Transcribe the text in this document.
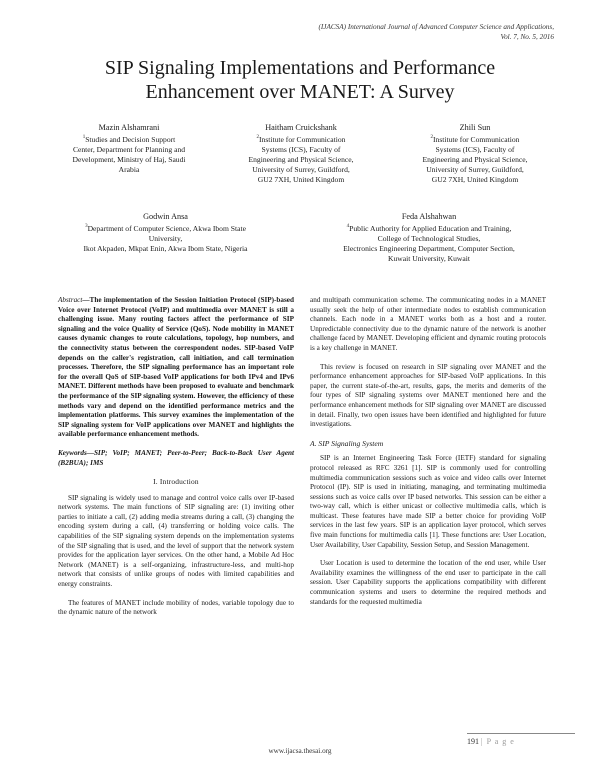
(IJACSA) International Journal of Advanced Computer Science and Applications,
Vol. 7, No. 5, 2016
SIP Signaling Implementations and Performance
Enhancement over MANET: A Survey
Mazin Alshamrani
$^1$Studies and Decision Support
Center, Department for Planning and
Development, Ministry of Haj, Saudi
Arabia
Haitham Cruickshank
$^2$Institute for Communication
Systems (ICS), Faculty of
Engineering and Physical Science,
University of Surrey, Guildford,
GU2 7XH, United Kingdom
Zhili Sun
$^2$Institute for Communication
Systems (ICS), Faculty of
Engineering and Physical Science,
University of Surrey, Guildford,
GU2 7XH, United Kingdom
Godwin Ansa
$^3$Department of Computer Science, Akwa Ibom State
University,
Ikot Akpaden, Mkpat Enin, Akwa Ibom State, Nigeria
Feda Alshahwan
$^4$Public Authority for Applied Education and Training,
College of Technological Studies,
Electronics Engineering Department, Computer Section,
Kuwait University, Kuwait

Abstract—The implementation of the Session Initiation Protocol (SIP)-based Voice over Internet Protocol (VoIP) and multimedia over MANET is still a challenging issue. Many routing factors affect the performance of SIP signaling and the voice Quality of Service (QoS). Node mobility in MANET causes dynamic changes to route calculations, topology, hop numbers, and the connectivity status between the correspondent nodes. SIP-based VoIP depends on the caller's registration, call initiation, and call termination processes. Therefore, the SIP signaling performance has an important role for the overall QoS of SIP-based VoIP applications for both IPv4 and IPv6 MANET. Different methods have been proposed to evaluate and benchmark the performance of the SIP signaling system. However, the efficiency of these methods vary and depend on the identified performance metrics and the implementation platforms. This survey examines the implementation of the SIP signaling system for VoIP applications over MANET and highlights the available performance enhancement methods.

Keywords—SIP; VoIP; MANET; Peer-to-Peer; Back-to-Back User Agent (B2BUA); IMS

I. Introduction

SIP signaling is widely used to manage and control voice calls over IP-based network systems. The main functions of SIP signaling are: (1) inviting other parties to initiate a call, (2) adding media streams during a call, (3) changing the encoding system during a call, (4) transferring or holding voice calls. The capabilities of the SIP signaling system depends on the implementation systems of the SIP signaling that is used, and the level of support that the network system provides for the application layer services. On the other hand, a Mobile Ad Hoc Network (MANET) is a self-organizing, infrastructure-less, and multi-hop network that consists of unlike groups of nodes with limited capabilities and energy constraints.

The features of MANET include mobility of nodes, variable topology due to the dynamic nature of the network

and multipath communication scheme. The communicating nodes in a MANET usually seek the help of other intermediate nodes to establish communication channels. Each node in a MANET works both as a host and a router. Unpredictable connectivity due to the dynamic nature of the network is another challenge faced by MANET. Developing efficient and dynamic routing protocols is a key challenge in MANET.

This review is focused on research in SIP signaling over MANET and the performance enhancement approaches for SIP-based VoIP applications. In this paper, the current state-of-the-art, results, gaps, the merits and demerits of the four types of SIP signaling systems over MANET mentioned here and the performance enhancement methods for SIP signaling over MANET are discussed in detail. Finally, two open issues have been identified and highlighted for future investigations.

A. SIP Signaling System

SIP is an Internet Engineering Task Force (IETF) standard for signaling protocol released as RFC 3261 [1]. SIP is commonly used for controlling multimedia communication sessions such as voice and video calls over Internet Protocol (IP). SIP is used in initiating, managing, and terminating multimedia sessions such as voice calls over IP based networks. This session can be either a two-way call, which is either unicast or collective multimedia calls, which is multicast. These features have made SIP a better choice for providing VoIP services in the last few years. SIP is an application layer protocol, which serves five main functions for multimedia calls [1]. These functions are: User Location, User Availability, User Capability, Session Setup, and Session Management.

User Location is used to determine the location of the end user, while User Availability examines the willingness of the end user to participate in the call session. User Capability supports the applications compatibility with different communication systems and users to determine the required methods and standards for the requested multimedia

191 | P a g e
www.ijacsa.thesai.org
